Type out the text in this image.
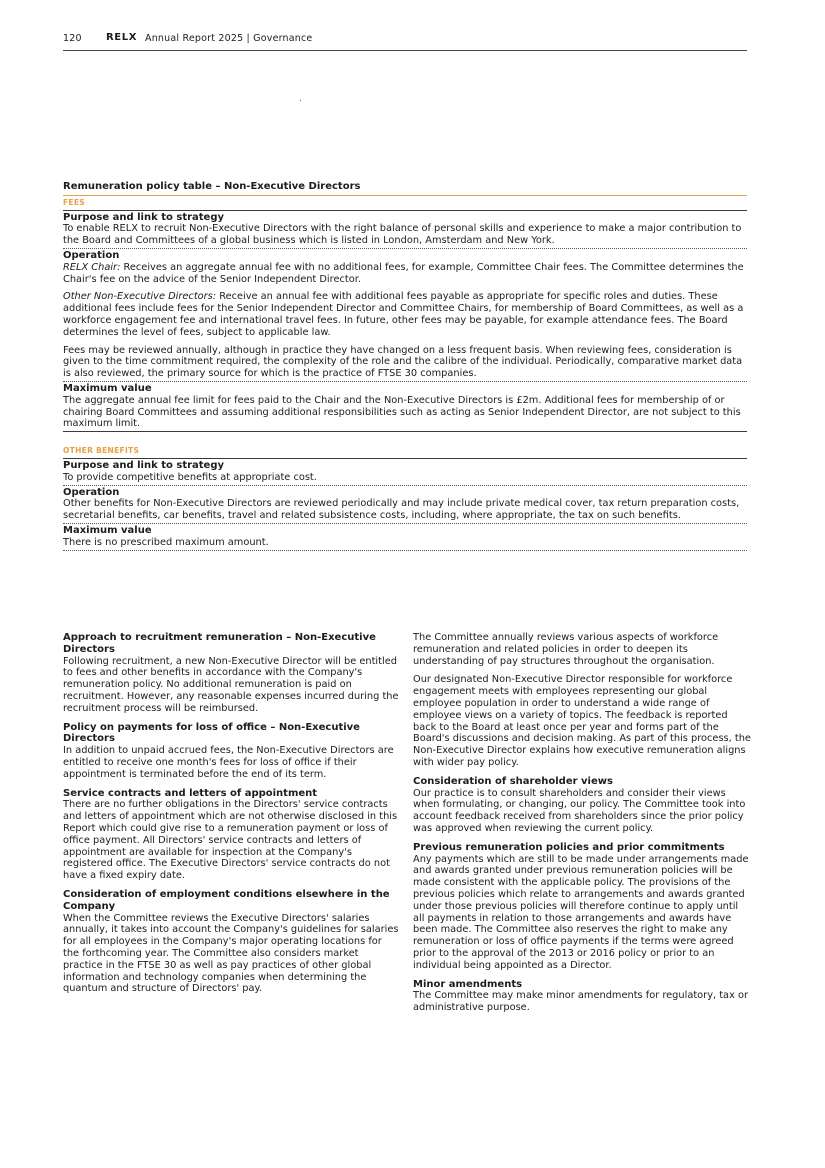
120 RELX Annual Report 2025 | Governance
Remuneration policy table – Non-Executive Directors
FEES
Purpose and link to strategy

To enable RELX to recruit Non-Executive Directors with the right balance of personal skills and experience to make a major contribution to the Board and Committees of a global business which is listed in London, Amsterdam and New York.

Operation

RELX Chair: Receives an aggregate annual fee with no additional fees, for example, Committee Chair fees. The Committee determines the Chair's fee on the advice of the Senior Independent Director.

Other Non-Executive Directors: Receive an annual fee with additional fees payable as appropriate for specific roles and duties. These additional fees include fees for the Senior Independent Director and Committee Chairs, for membership of Board Committees, as well as a workforce engagement fee and international travel fees. In future, other fees may be payable, for example attendance fees. The Board determines the level of fees, subject to applicable law.

Fees may be reviewed annually, although in practice they have changed on a less frequent basis. When reviewing fees, consideration is given to the time commitment required, the complexity of the role and the calibre of the individual. Periodically, comparative market data is also reviewed, the primary source for which is the practice of FTSE 30 companies.

Maximum value

The aggregate annual fee limit for fees paid to the Chair and the Non-Executive Directors is £2m. Additional fees for membership of or chairing Board Committees and assuming additional responsibilities such as acting as Senior Independent Director, are not subject to this maximum limit.

OTHER BENEFITS
Purpose and link to strategy

To provide competitive benefits at appropriate cost.

Operation

Other benefits for Non-Executive Directors are reviewed periodically and may include private medical cover, tax return preparation costs, secretarial benefits, car benefits, travel and related subsistence costs, including, where appropriate, the tax on such benefits.

Maximum value

There is no prescribed maximum amount.

Approach to recruitment remuneration – Non-Executive Directors

Following recruitment, a new Non-Executive Director will be entitled to fees and other benefits in accordance with the Company's remuneration policy. No additional remuneration is paid on recruitment. However, any reasonable expenses incurred during the recruitment process will be reimbursed.

Policy on payments for loss of office – Non-Executive Directors

In addition to unpaid accrued fees, the Non-Executive Directors are entitled to receive one month's fees for loss of office if their appointment is terminated before the end of its term.

Service contracts and letters of appointment

There are no further obligations in the Directors' service contracts and letters of appointment which are not otherwise disclosed in this Report which could give rise to a remuneration payment or loss of office payment. All Directors' service contracts and letters of appointment are available for inspection at the Company's registered office. The Executive Directors' service contracts do not have a fixed expiry date.

Consideration of employment conditions elsewhere in the Company

When the Committee reviews the Executive Directors' salaries annually, it takes into account the Company's guidelines for salaries for all employees in the Company's major operating locations for the forthcoming year. The Committee also considers market practice in the FTSE 30 as well as pay practices of other global information and technology companies when determining the quantum and structure of Directors' pay.

The Committee annually reviews various aspects of workforce remuneration and related policies in order to deepen its understanding of pay structures throughout the organisation.

Our designated Non-Executive Director responsible for workforce engagement meets with employees representing our global employee population in order to understand a wide range of employee views on a variety of topics. The feedback is reported back to the Board at least once per year and forms part of the Board's discussions and decision making. As part of this process, the Non-Executive Director explains how executive remuneration aligns with wider pay policy.

Consideration of shareholder views

Our practice is to consult shareholders and consider their views when formulating, or changing, our policy. The Committee took into account feedback received from shareholders since the prior policy was approved when reviewing the current policy.

Previous remuneration policies and prior commitments

Any payments which are still to be made under arrangements made and awards granted under previous remuneration policies will be made consistent with the applicable policy. The provisions of the previous policies which relate to arrangements and awards granted under those previous policies will therefore continue to apply until all payments in relation to those arrangements and awards have been made. The Committee also reserves the right to make any remuneration or loss of office payments if the terms were agreed prior to the approval of the 2013 or 2016 policy or prior to an individual being appointed as a Director.

Minor amendments

The Committee may make minor amendments for regulatory, tax or administrative purpose.
